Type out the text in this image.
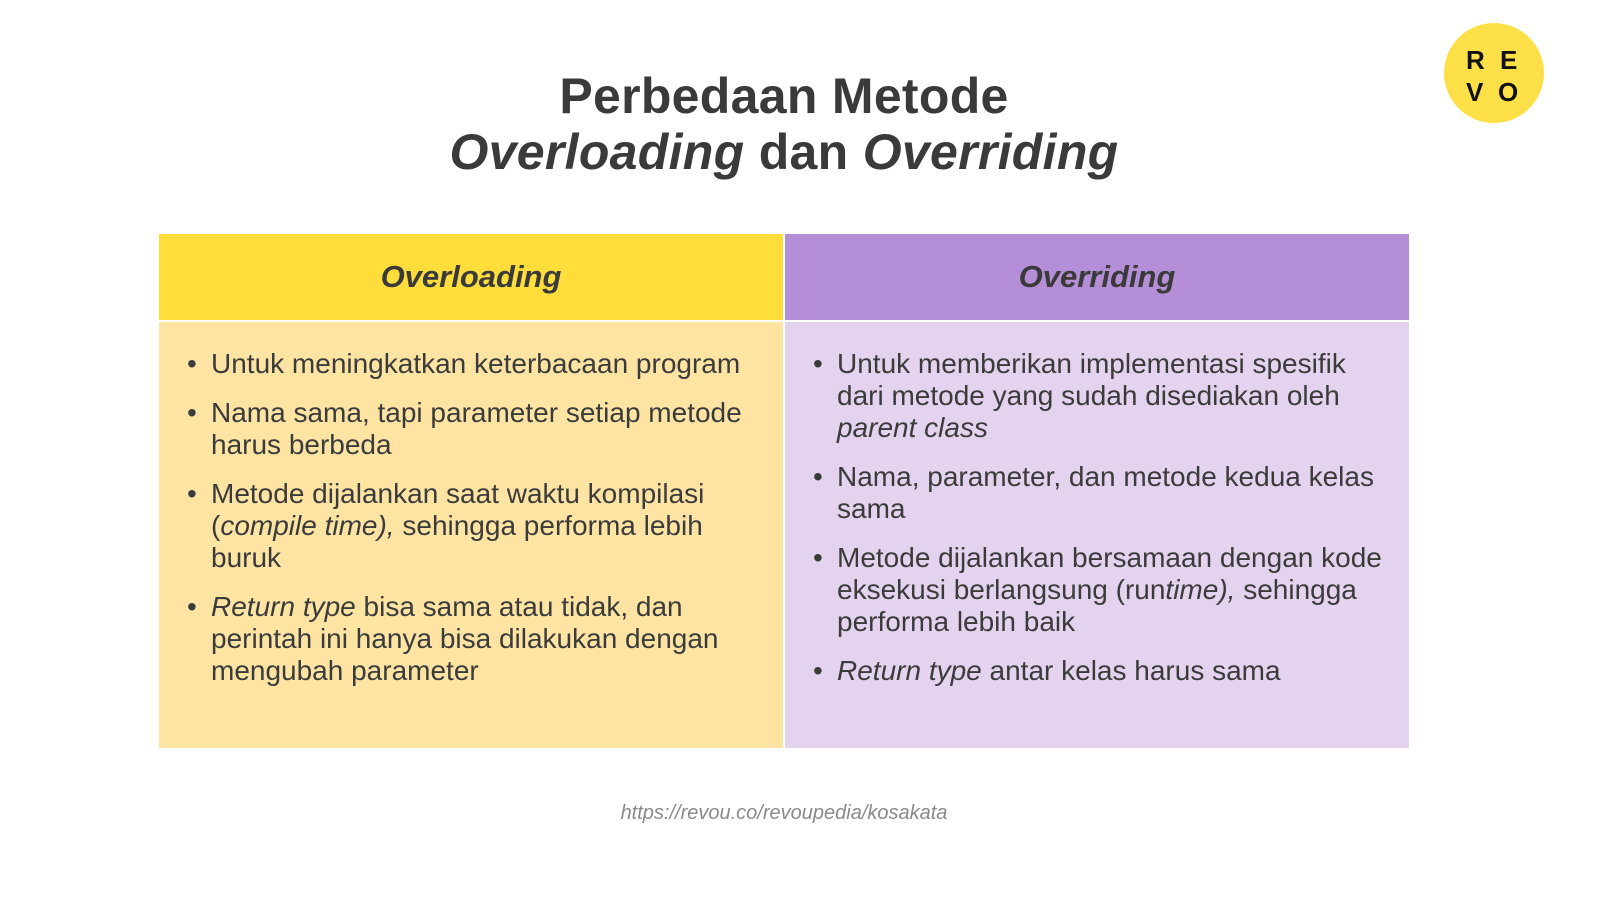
Perbedaan Metode
Overloading dan Overriding
R E
V O
Overloading	Overriding
• Untuk meningkatkan keterbacaan program
• Nama sama, tapi parameter setiap metode harus berbeda
• Metode dijalankan saat waktu kompilasi (compile time), sehingga performa lebih buruk
• Return type bisa sama atau tidak, dan perintah ini hanya bisa dilakukan dengan mengubah parameter
• Untuk memberikan implementasi spesifik dari metode yang sudah disediakan oleh parent class
• Nama, parameter, dan metode kedua kelas sama
• Metode dijalankan bersamaan dengan kode eksekusi berlangsung (runtime), sehingga performa lebih baik
• Return type antar kelas harus sama
https://revou.co/revoupedia/kosakata
